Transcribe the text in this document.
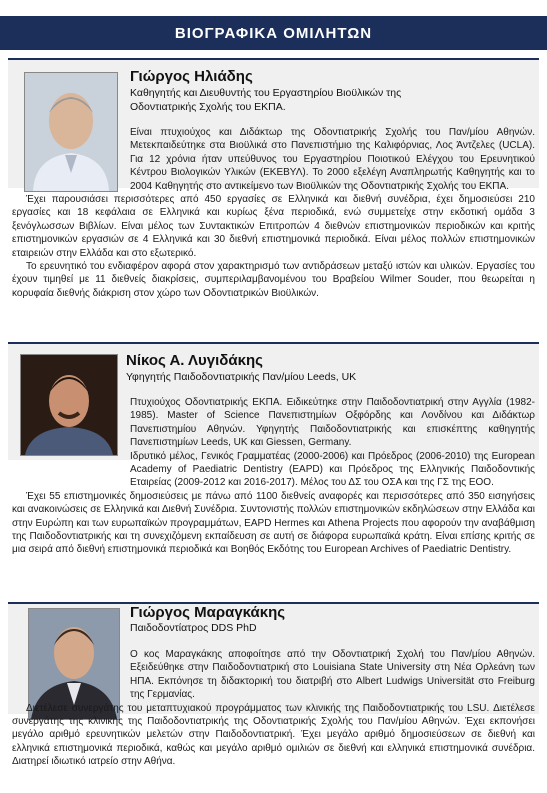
ΒΙΟΓΡΑΦΙΚΑ ΟΜΙΛΗΤΩΝ
Γιώργος Ηλιάδης
Καθηγητής και Διευθυντής του Εργαστηρίου Βιοϋλικών της Οδοντιατρικής Σχολής του ΕΚΠΑ.

Είναι πτυχιούχος και Διδάκτωρ της Οδοντιατρικής Σχολής του Παν/μίου Αθηνών. Μετεκπαιδεύτηκε στα Βιοϋλικά στο Πανεπιστήμιο της Καλιφόρνιας, Λος Άντζελες (UCLA). Για 12 χρόνια ήταν υπεύθυνος του Εργαστηρίου Ποιοτικού Ελέγχου του Ερευνητικού Κέντρου Βιολογικών Υλικών (ΕΚΕΒΥΛ). Το 2000 εξελέγη Αναπληρωτής Καθηγητής και το 2004 Καθηγητής στο αντικείμενο των Βιοϋλικών της Οδοντιατρικής Σχολής του ΕΚΠΑ.

Έχει παρουσιάσει περισσότερες από 450 εργασίες σε Ελληνικά και διεθνή συνέδρια, έχει δημοσιεύσει 210 εργασίες και 18 κεφάλαια σε Ελληνικά και κυρίως ξένα περιοδικά, ενώ συμμετείχε στην εκδοτική ομάδα 3 ξενόγλωσσων Βιβλίων. Είναι μέλος των Συντακτικών Επιτροπών 4 διεθνών επιστημονικών περιοδικών και κριτής επιστημονικών εργασιών σε 4 Ελληνικά και 30 διεθνή επιστημονικά περιοδικά. Είναι μέλος πολλών επιστημονικών εταιρειών στην Ελλάδα και στο εξωτερικό.

Το ερευνητικό του ενδιαφέρον αφορά στον χαρακτηρισμό των αντιδράσεων μεταξύ ιστών και υλικών. Εργασίες του έχουν τιμηθεί με 11 διεθνείς διακρίσεις, συμπεριλαμβανομένου του Βραβείου Wilmer Souder, που θεωρείται η κορυφαία διεθνής διάκριση στον χώρο των Οδοντιατρικών Βιοϋλικών.

Νίκος Α. Λυγιδάκης
Υφηγητής Παιδοδοντιατρικής Παν/μίου Leeds, UK

Πτυχιούχος Οδοντιατρικής ΕΚΠΑ. Ειδικεύτηκε στην Παιδοδοντιατρική στην Αγγλία (1982-1985). Master of Science Πανεπιστημίων Οξφόρδης και Λονδίνου και Διδάκτωρ Πανεπιστημίου Αθηνών. Υφηγητής Παιδοδοντιατρικής και επισκέπτης καθηγητής Πανεπιστημίων Leeds, UK και Giessen, Germany.

Ιδρυτικό μέλος, Γενικός Γραμματέας (2000-2006) και Πρόεδρος (2006-2010) της European Academy of Paediatric Dentistry (EAPD) και Πρόεδρος της Ελληνικής Παιδοδοντικής Εταιρείας (2009-2012 και 2016-2017). Μέλος του ΔΣ του ΟΣΑ και της ΓΣ της ΕΟΟ.

Έχει 55 επιστημονικές δημοσιεύσεις με πάνω από 1100 διεθνείς αναφορές και περισσότερες από 350 εισηγήσεις και ανακοινώσεις σε Ελληνικά και Διεθνή Συνέδρια. Συντονιστής πολλών επιστημονικών εκδηλώσεων στην Ελλάδα και στην Ευρώπη και των ευρωπαϊκών προγραμμάτων, EAPD Hermes και Athena Projects που αφορούν την αναβάθμιση της Παιδοδοντιατρικής και τη συνεχιζόμενη εκπαίδευση σε αυτή σε διάφορα ευρωπαϊκά κράτη. Είναι επίσης κριτής σε μια σειρά από διεθνή επιστημονικά περιοδικά και Βοηθός Εκδότης του European Archives of Paediatric Dentistry.

Γιώργος Μαραγκάκης
Παιδοδοντίατρος DDS PhD

Ο κος Μαραγκάκης αποφοίτησε από την Οδοντιατρική Σχολή του Παν/μίου Αθηνών. Εξειδεύθηκε στην Παιδοδοντιατρική στο Louisiana State University στη Νέα Ορλεάνη των ΗΠΑ. Εκπόνησε τη διδακτορική του διατριβή στο Albert Ludwigs Universität στο Freiburg της Γερμανίας.

Διετέλεσε συνεργάτης του μεταπτυχιακού προγράμματος των κλινικής της Παιδοδοντιατρικής του LSU. Διετέλεσε συνεργάτης της κλινικής της Παιδοδοντιατρικής της Οδοντιατρικής Σχολής του Παν/μίου Αθηνών. Έχει εκπονήσει μεγάλο αριθμό ερευνητικών μελετών στην Παιδοδοντιατρική. Έχει μεγάλο αριθμό δημοσιεύσεων σε διεθνή και ελληνικά επιστημονικά περιοδικά, καθώς και μεγάλο αριθμό ομιλιών σε διεθνή και ελληνικά επιστημονικά συνέδρια. Διατηρεί ιδιωτικό ιατρείο στην Αθήνα.
